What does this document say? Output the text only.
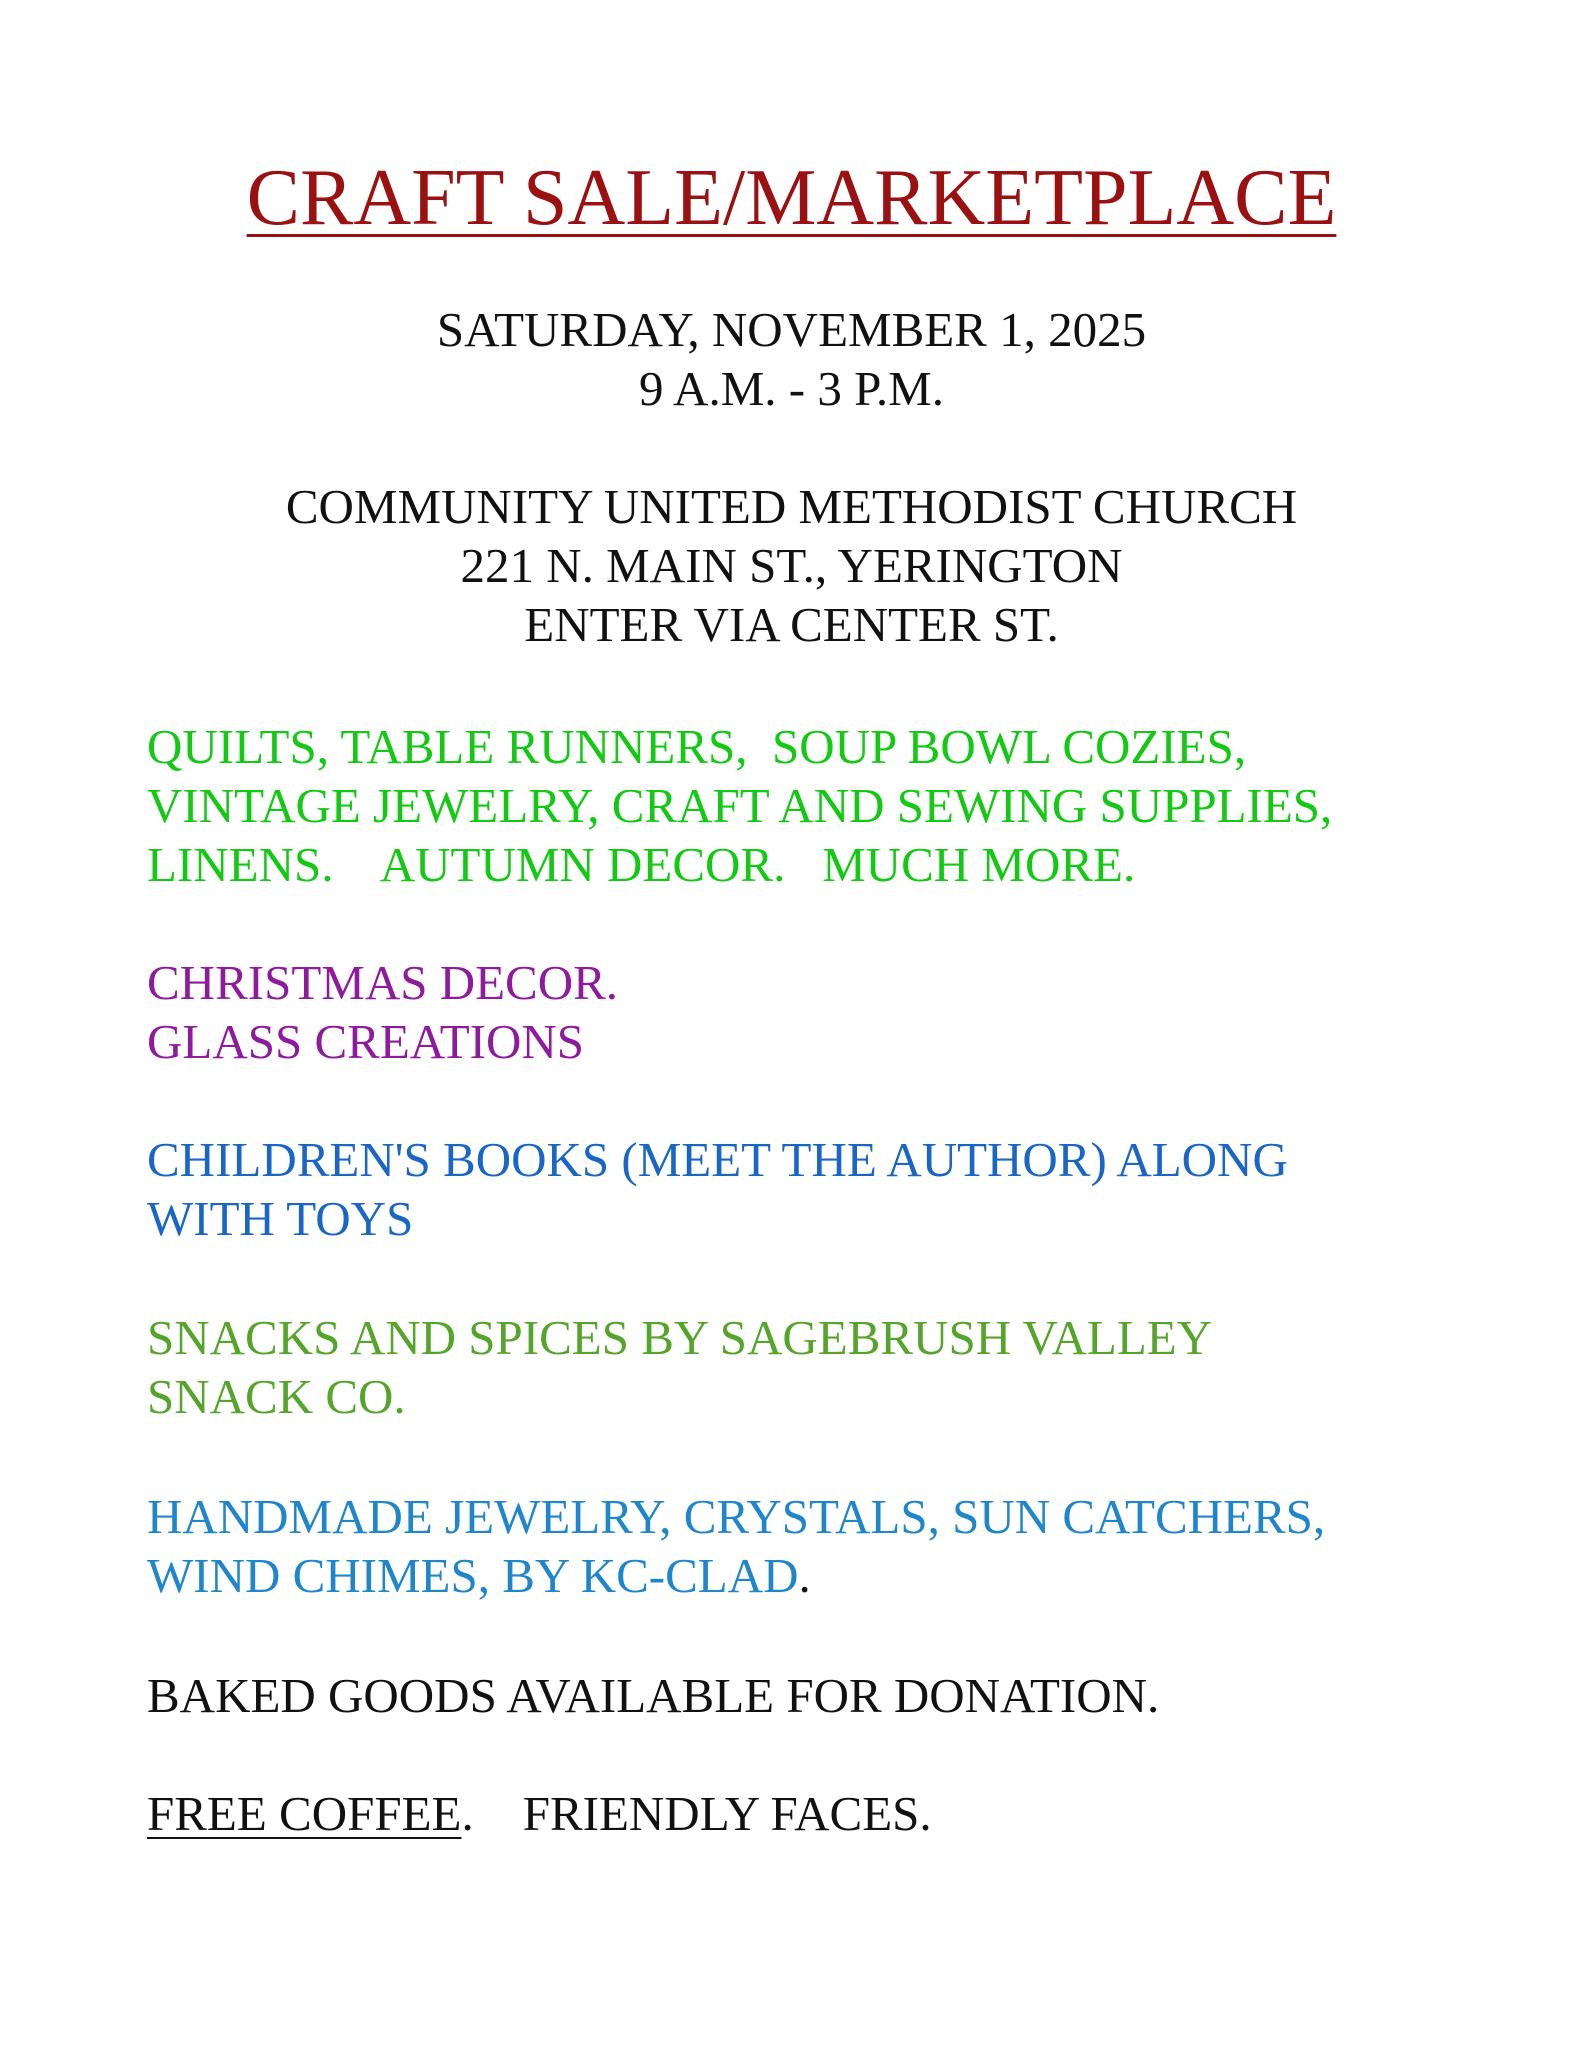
CRAFT SALE/MARKETPLACE
SATURDAY, NOVEMBER 1, 2025
9 A.M. - 3 P.M.
COMMUNITY UNITED METHODIST CHURCH
221 N. MAIN ST., YERINGTON
ENTER VIA CENTER ST.
QUILTS, TABLE RUNNERS,  SOUP BOWL COZIES,
VINTAGE JEWELRY, CRAFT AND SEWING SUPPLIES,
LINENS.    AUTUMN DECOR.   MUCH MORE.
CHRISTMAS DECOR.
GLASS CREATIONS
CHILDREN'S BOOKS (MEET THE AUTHOR) ALONG
WITH TOYS
SNACKS AND SPICES BY SAGEBRUSH VALLEY
SNACK CO.
HANDMADE JEWELRY, CRYSTALS, SUN CATCHERS,
WIND CHIMES, BY KC-CLAD.
BAKED GOODS AVAILABLE FOR DONATION.
FREE COFFEE.    FRIENDLY FACES.
